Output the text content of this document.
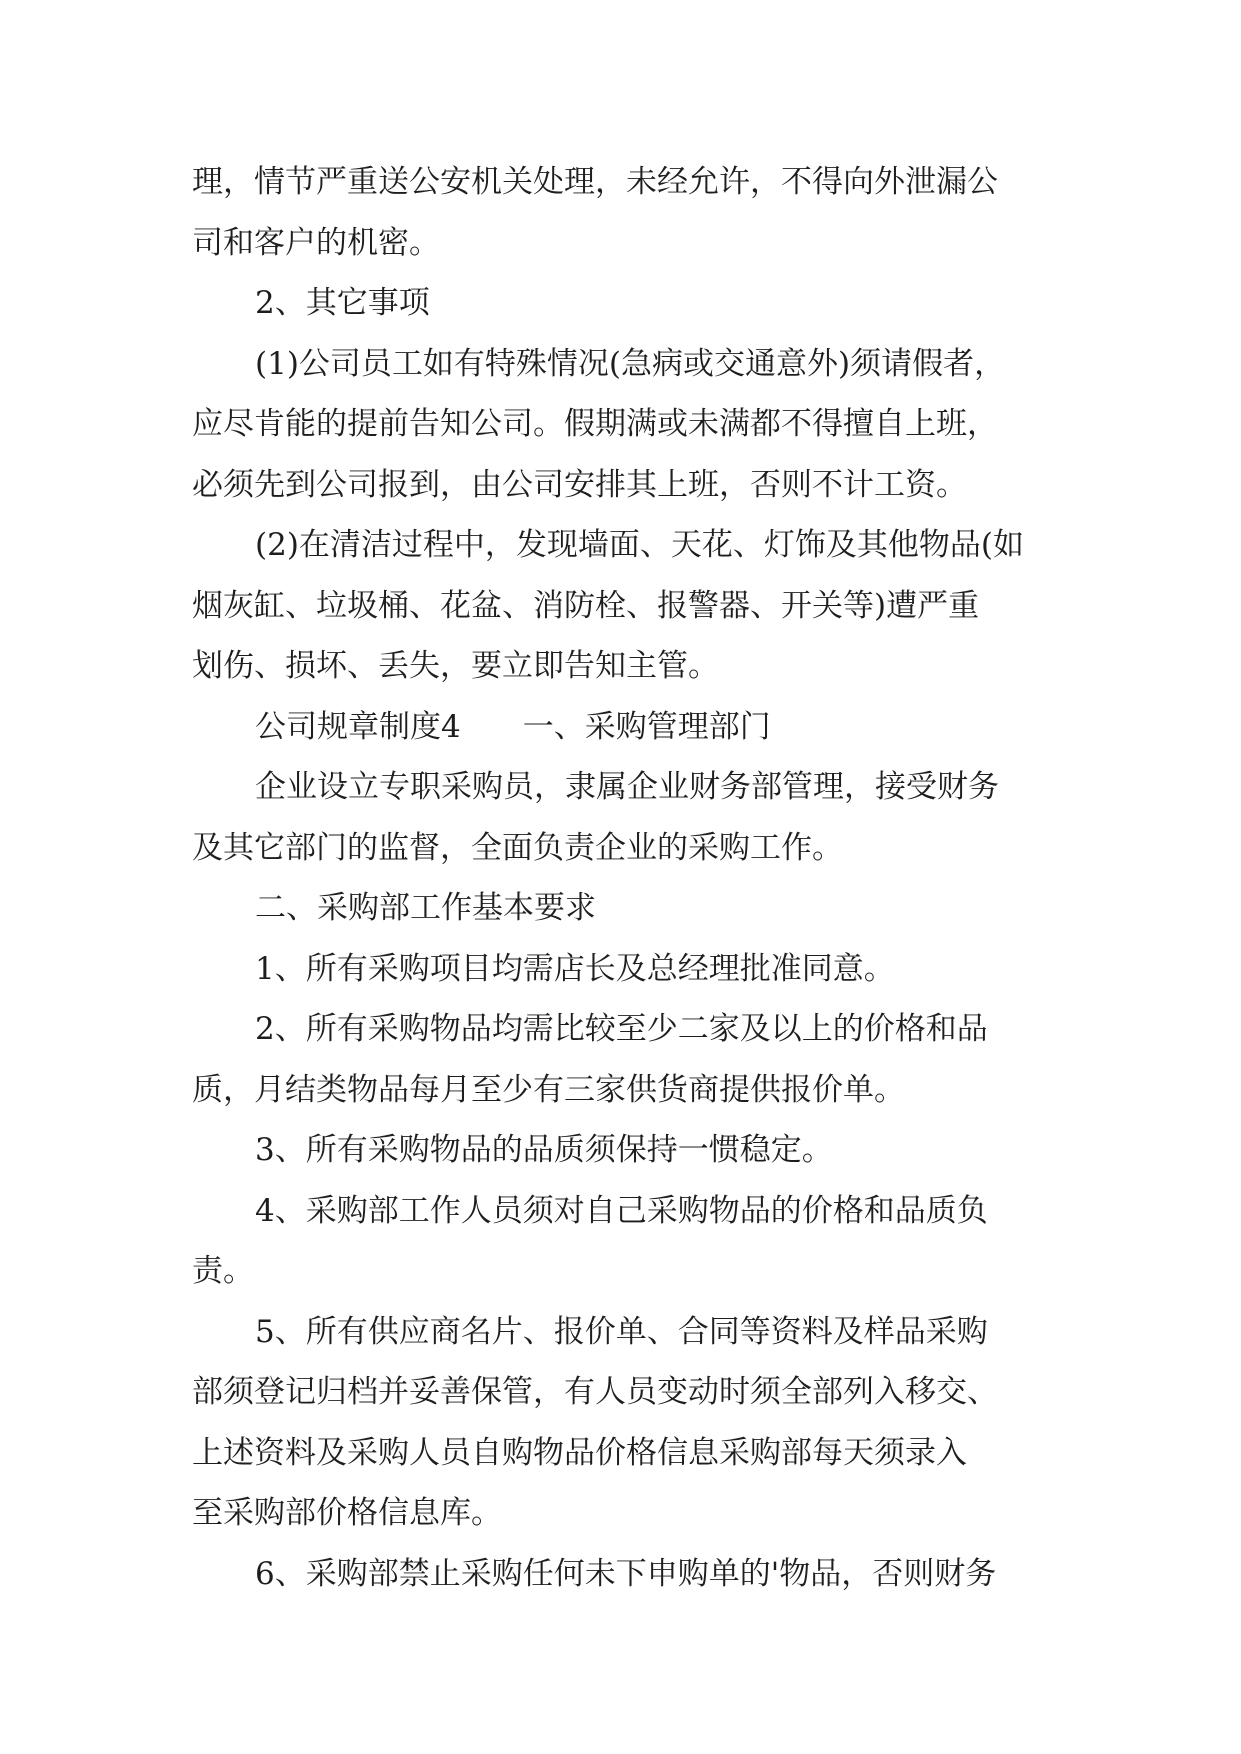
理，情节严重送公安机关处理，未经允许，不得向外泄漏公
司和客户的机密。
2、其它事项
(1)公司员工如有特殊情况(急病或交通意外)须请假者，
应尽肯能的提前告知公司。假期满或未满都不得擅自上班，
必须先到公司报到，由公司安排其上班，否则不计工资。
(2)在清洁过程中，发现墙面、天花、灯饰及其他物品(如
烟灰缸、垃圾桶、花盆、消防栓、报警器、开关等)遭严重
划伤、损坏、丢失，要立即告知主管。
公司规章制度4　　一、采购管理部门
企业设立专职采购员，隶属企业财务部管理，接受财务
及其它部门的监督，全面负责企业的采购工作。
二、采购部工作基本要求
1、所有采购项目均需店长及总经理批准同意。
2、所有采购物品均需比较至少二家及以上的价格和品
质，月结类物品每月至少有三家供货商提供报价单。
3、所有采购物品的品质须保持一惯稳定。
4、采购部工作人员须对自己采购物品的价格和品质负
责。
5、所有供应商名片、报价单、合同等资料及样品采购
部须登记归档并妥善保管，有人员变动时须全部列入移交、
上述资料及采购人员自购物品价格信息采购部每天须录入
至采购部价格信息库。
6、采购部禁止采购任何未下申购单的'物品，否则财务
